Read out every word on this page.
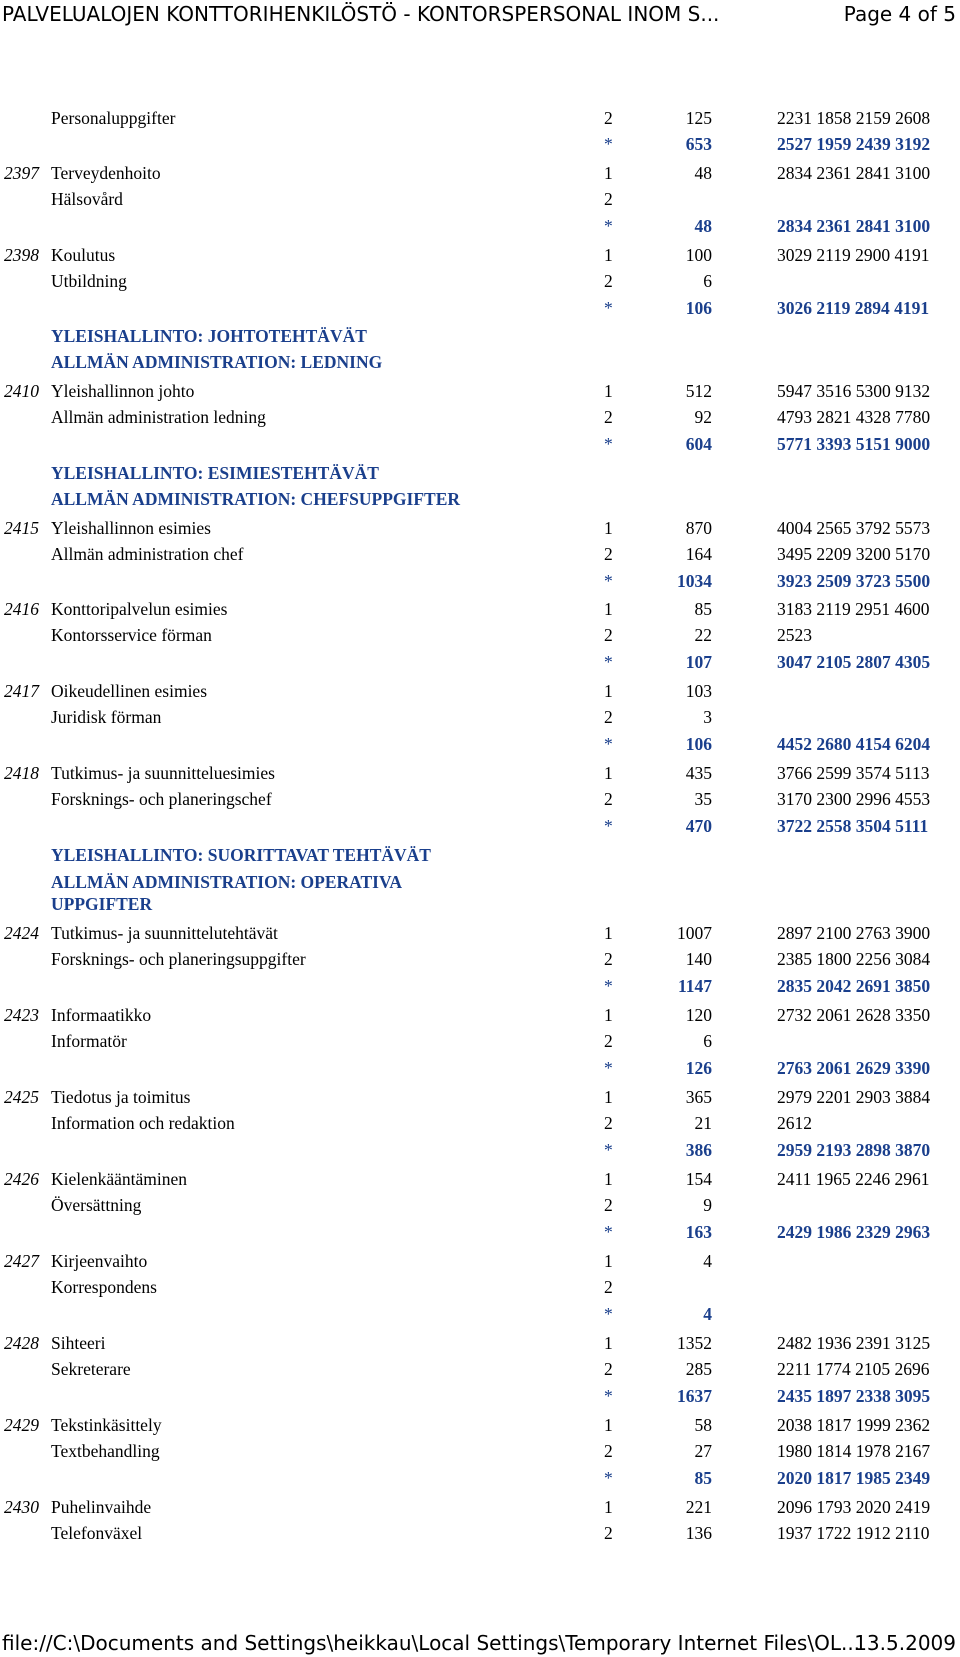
PALVELUALOJEN KONTTORIHENKILÖSTÖ - KONTORSPERSONAL INOM S...	Page 4 of 5
Personaluppgifter	2	125	2231 1858 2159 2608
*	653	2527 1959 2439 3192
2397 Terveydenhoito	1	48	2834 2361 2841 3100
Hälsovård	2
*	48	2834 2361 2841 3100
2398 Koulutus	1	100	3029 2119 2900 4191
Utbildning	2	6
*	106	3026 2119 2894 4191
YLEISHALLINTO: JOHTOTEHTÄVÄT
ALLMÄN ADMINISTRATION: LEDNING
2410 Yleishallinnon johto	1	512	5947 3516 5300 9132
Allmän administration ledning	2	92	4793 2821 4328 7780
*	604	5771 3393 5151 9000
YLEISHALLINTO: ESIMIESTEHTÄVÄT
ALLMÄN ADMINISTRATION: CHEFSUPPGIFTER
2415 Yleishallinnon esimies	1	870	4004 2565 3792 5573
Allmän administration chef	2	164	3495 2209 3200 5170
*	1034	3923 2509 3723 5500
2416 Konttoripalvelun esimies	1	85	3183 2119 2951 4600
Kontorsservice förman	2	22	2523
*	107	3047 2105 2807 4305
2417 Oikeudellinen esimies	1	103
Juridisk förman	2	3
*	106	4452 2680 4154 6204
2418 Tutkimus- ja suunnitteluesimies	1	435	3766 2599 3574 5113
Forsknings- och planeringschef	2	35	3170 2300 2996 4553
*	470	3722 2558 3504 5111
YLEISHALLINTO: SUORITTAVAT TEHTÄVÄT
ALLMÄN ADMINISTRATION: OPERATIVA UPPGIFTER
2424 Tutkimus- ja suunnittelutehtävät	1	1007	2897 2100 2763 3900
Forsknings- och planeringsuppgifter	2	140	2385 1800 2256 3084
*	1147	2835 2042 2691 3850
2423 Informaatikko	1	120	2732 2061 2628 3350
Informatör	2	6
*	126	2763 2061 2629 3390
2425 Tiedotus ja toimitus	1	365	2979 2201 2903 3884
Information och redaktion	2	21	2612
*	386	2959 2193 2898 3870
2426 Kielenkääntäminen	1	154	2411 1965 2246 2961
Översättning	2	9
*	163	2429 1986 2329 2963
2427 Kirjeenvaihto	1	4
Korrespondens	2
*	4
2428 Sihteeri	1	1352	2482 1936 2391 3125
Sekreterare	2	285	2211 1774 2105 2696
*	1637	2435 1897 2338 3095
2429 Tekstinkäsittely	1	58	2038 1817 1999 2362
Textbehandling	2	27	1980 1814 1978 2167
*	85	2020 1817 1985 2349
2430 Puhelinvaihde	1	221	2096 1793 2020 2419
Telefonväxel	2	136	1937 1722 1912 2110
file://C:\Documents and Settings\heikkau\Local Settings\Temporary Internet Files\OL...
13.5.2009
